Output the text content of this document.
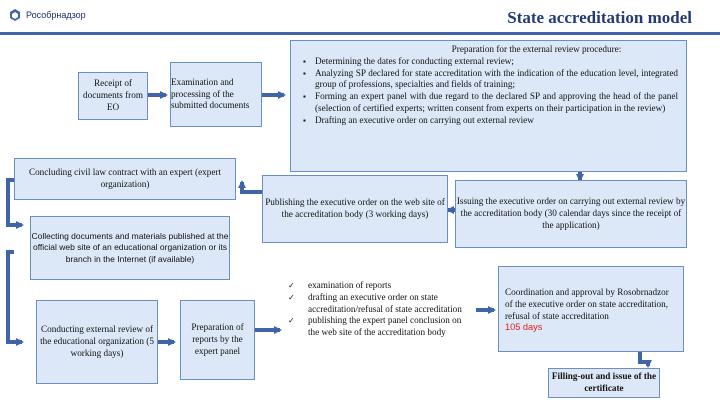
Рособрнадзор	State accreditation model
Receipt of documents from EO
Examination and processing of the submitted documents
Preparation for the external review procedure:
▪ Determining the dates for conducting external review;
▪ Analyzing SP declared for state accreditation with the indication of the education level, integrated group of professions, specialties and fields of training;
▪ Forming an expert panel with due regard to the declared SP and approving the head of the panel (selection of certified experts; written consent from experts on their participation in the review)
▪ Drafting an executive order on carrying out external review
Concluding civil law contract with an expert (expert organization)
Publishing the executive order on the web site of the accreditation body (3 working days)
Issuing the executive order on carrying out external review by the accreditation body (30 calendar days since the receipt of the application)
Collecting documents and materials published at the official web site of an educational organization or its branch in the Internet (if available)
✓ examination of reports
✓ drafting an executive order on state accreditation/refusal of state accreditation
✓ publishing the expert panel conclusion on the web site of the accreditation body
Coordination and approval by Rosobrnadzor of the executive order on state accreditation, refusal of state accreditation
105 days
Conducting external review of the educational organization (5 working days)
Preparation of reports by the expert panel
Filling-out and issue of the certificate
